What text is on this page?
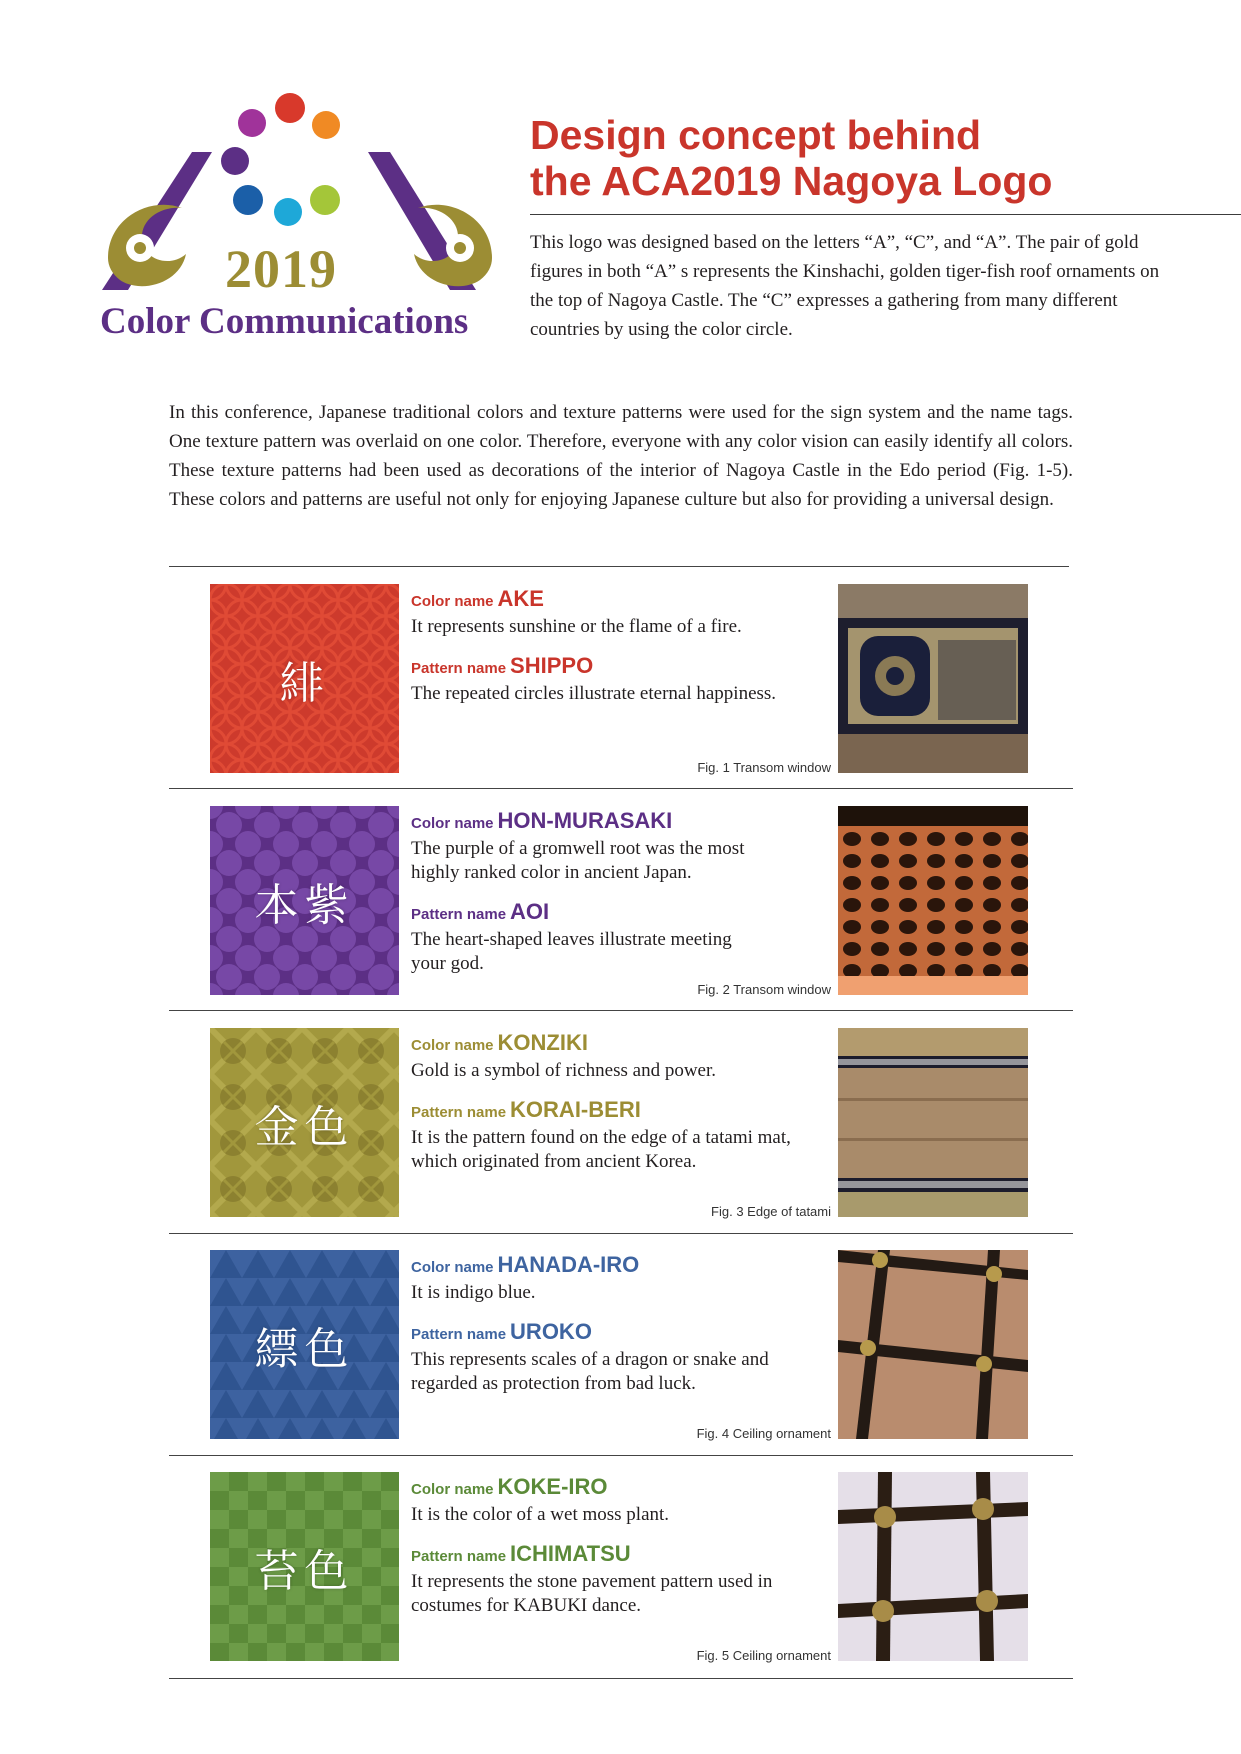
2019
Color Communications
Design concept behind
the ACA2019 Nagoya Logo
This logo was designed based on the letters “A”, “C”, and “A”. The pair of gold figures in both “A” s represents the Kinshachi, golden tiger-fish roof ornaments on the top of Nagoya Castle. The “C” expresses a gathering from many different countries by using the color circle.
In this conference, Japanese traditional colors and texture patterns were used for the sign system and the name tags. One texture pattern was overlaid on one color. Therefore, everyone with any color vision can easily identify all colors. These texture patterns had been used as decorations of the interior of Nagoya Castle in the Edo period (Fig. 1-5). These colors and patterns are useful not only for enjoying Japanese culture but also for providing a universal design.
緋
Color name AKE
It represents sunshine or the flame of a fire.
Pattern name SHIPPO
The repeated circles illustrate eternal happiness.
Fig. 1 Transom window
本紫
Color name HON-MURASAKI
The purple of a gromwell root was the most highly ranked color in ancient Japan.
Pattern name AOI
The heart-shaped leaves illustrate meeting your god.
Fig. 2 Transom window
金色
Color name KONZIKI
Gold is a symbol of richness and power.
Pattern name KORAI-BERI
It is the pattern found on the edge of a tatami mat, which originated from ancient Korea.
Fig. 3 Edge of tatami
縹色
Color name HANADA-IRO
It is indigo blue.
Pattern name UROKO
This represents scales of a dragon or snake and regarded as protection from bad luck.
Fig. 4 Ceiling ornament
苔色
Color name KOKE-IRO
It is the color of a wet moss plant.
Pattern name ICHIMATSU
It represents the stone pavement pattern used in costumes for KABUKI dance.
Fig. 5 Ceiling ornament
